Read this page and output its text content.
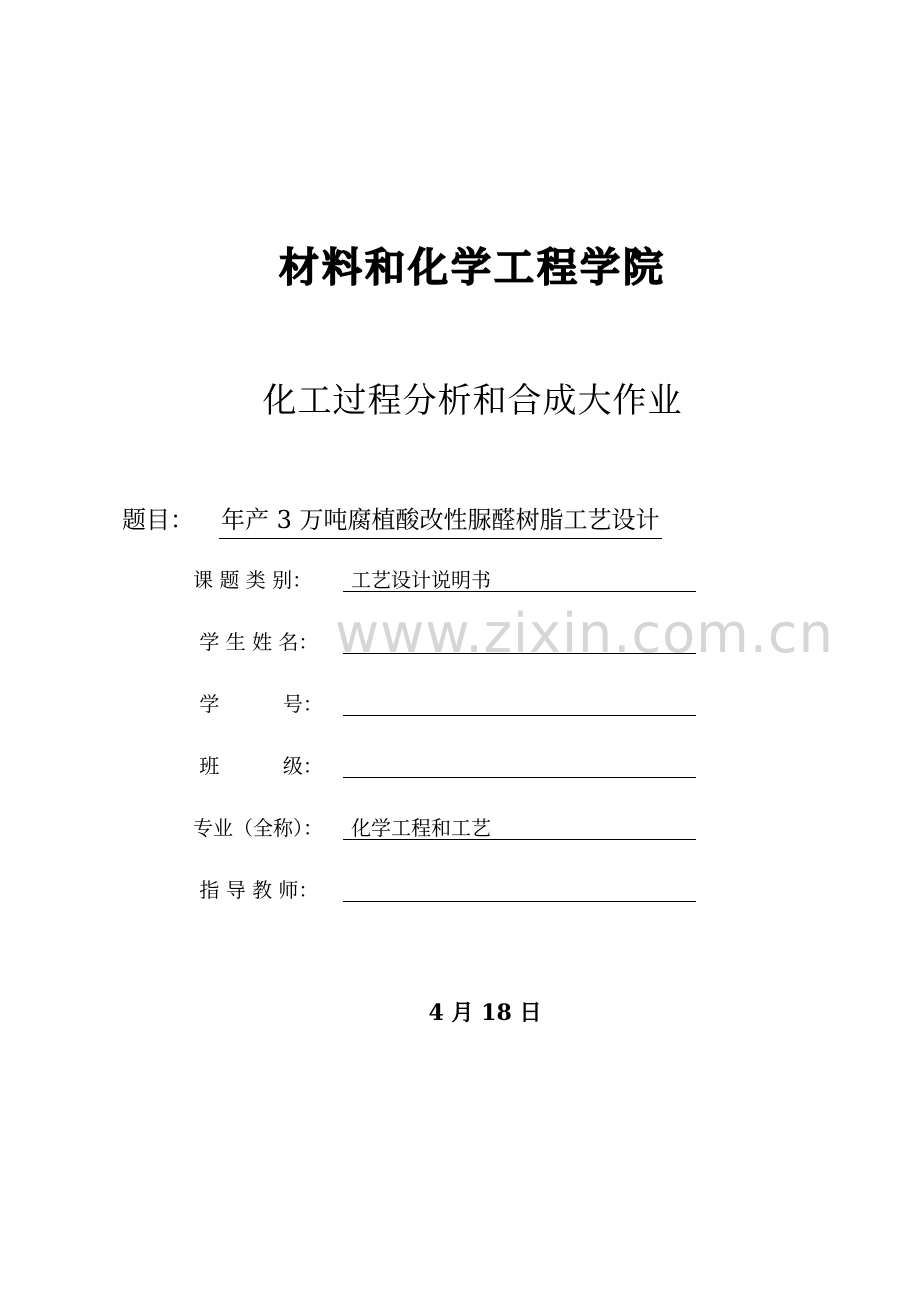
材料和化学工程学院
化工过程分析和合成大作业
题目： 年产 3 万吨腐植酸改性脲醛树脂工艺设计
课 题 类 别： 工艺设计说明书
学 生 姓 名：
学          号：
班          级：
专业（全称）： 化学工程和工艺
指 导 教 师：
4 月 18 日
www.zixin.com.cn
